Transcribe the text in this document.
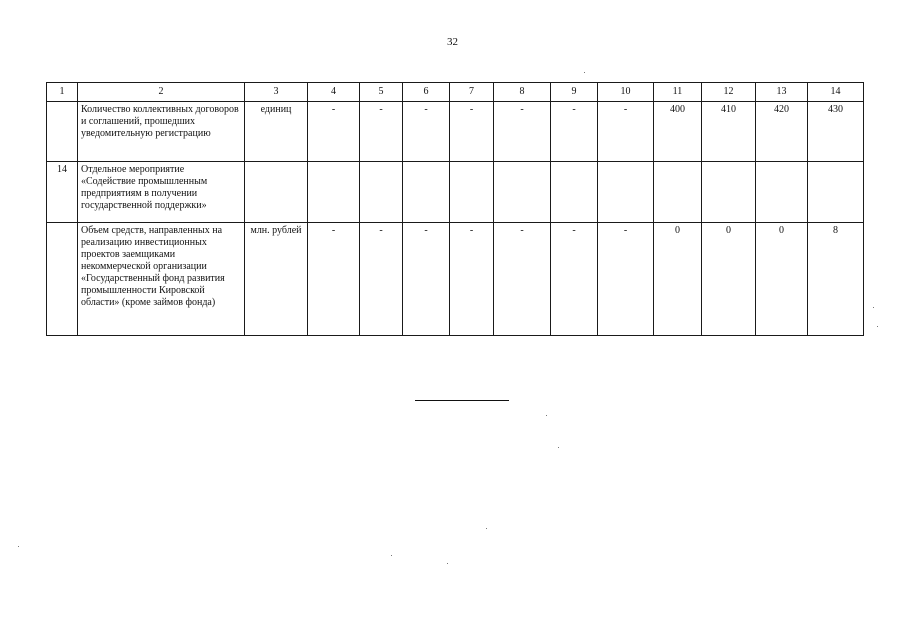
32
1	2	3	4	5	6	7	8	9	10	11	12	13	14
	Количество коллективных договоров и соглашений, прошедших уведомительную регистрацию	единиц	-	-	-	-	-	-	-	400	410	420	430
14	Отдельное мероприятие «Содействие промышленным предприятиям в получении государственной поддержки»												
	Объем средств, направленных на реализацию инвестиционных проектов заемщиками некоммерческой организации «Государственный фонд развития промышленности Кировской области» (кроме займов фонда)	млн. рублей	-	-	-	-	-	-	-	0	0	0	8
